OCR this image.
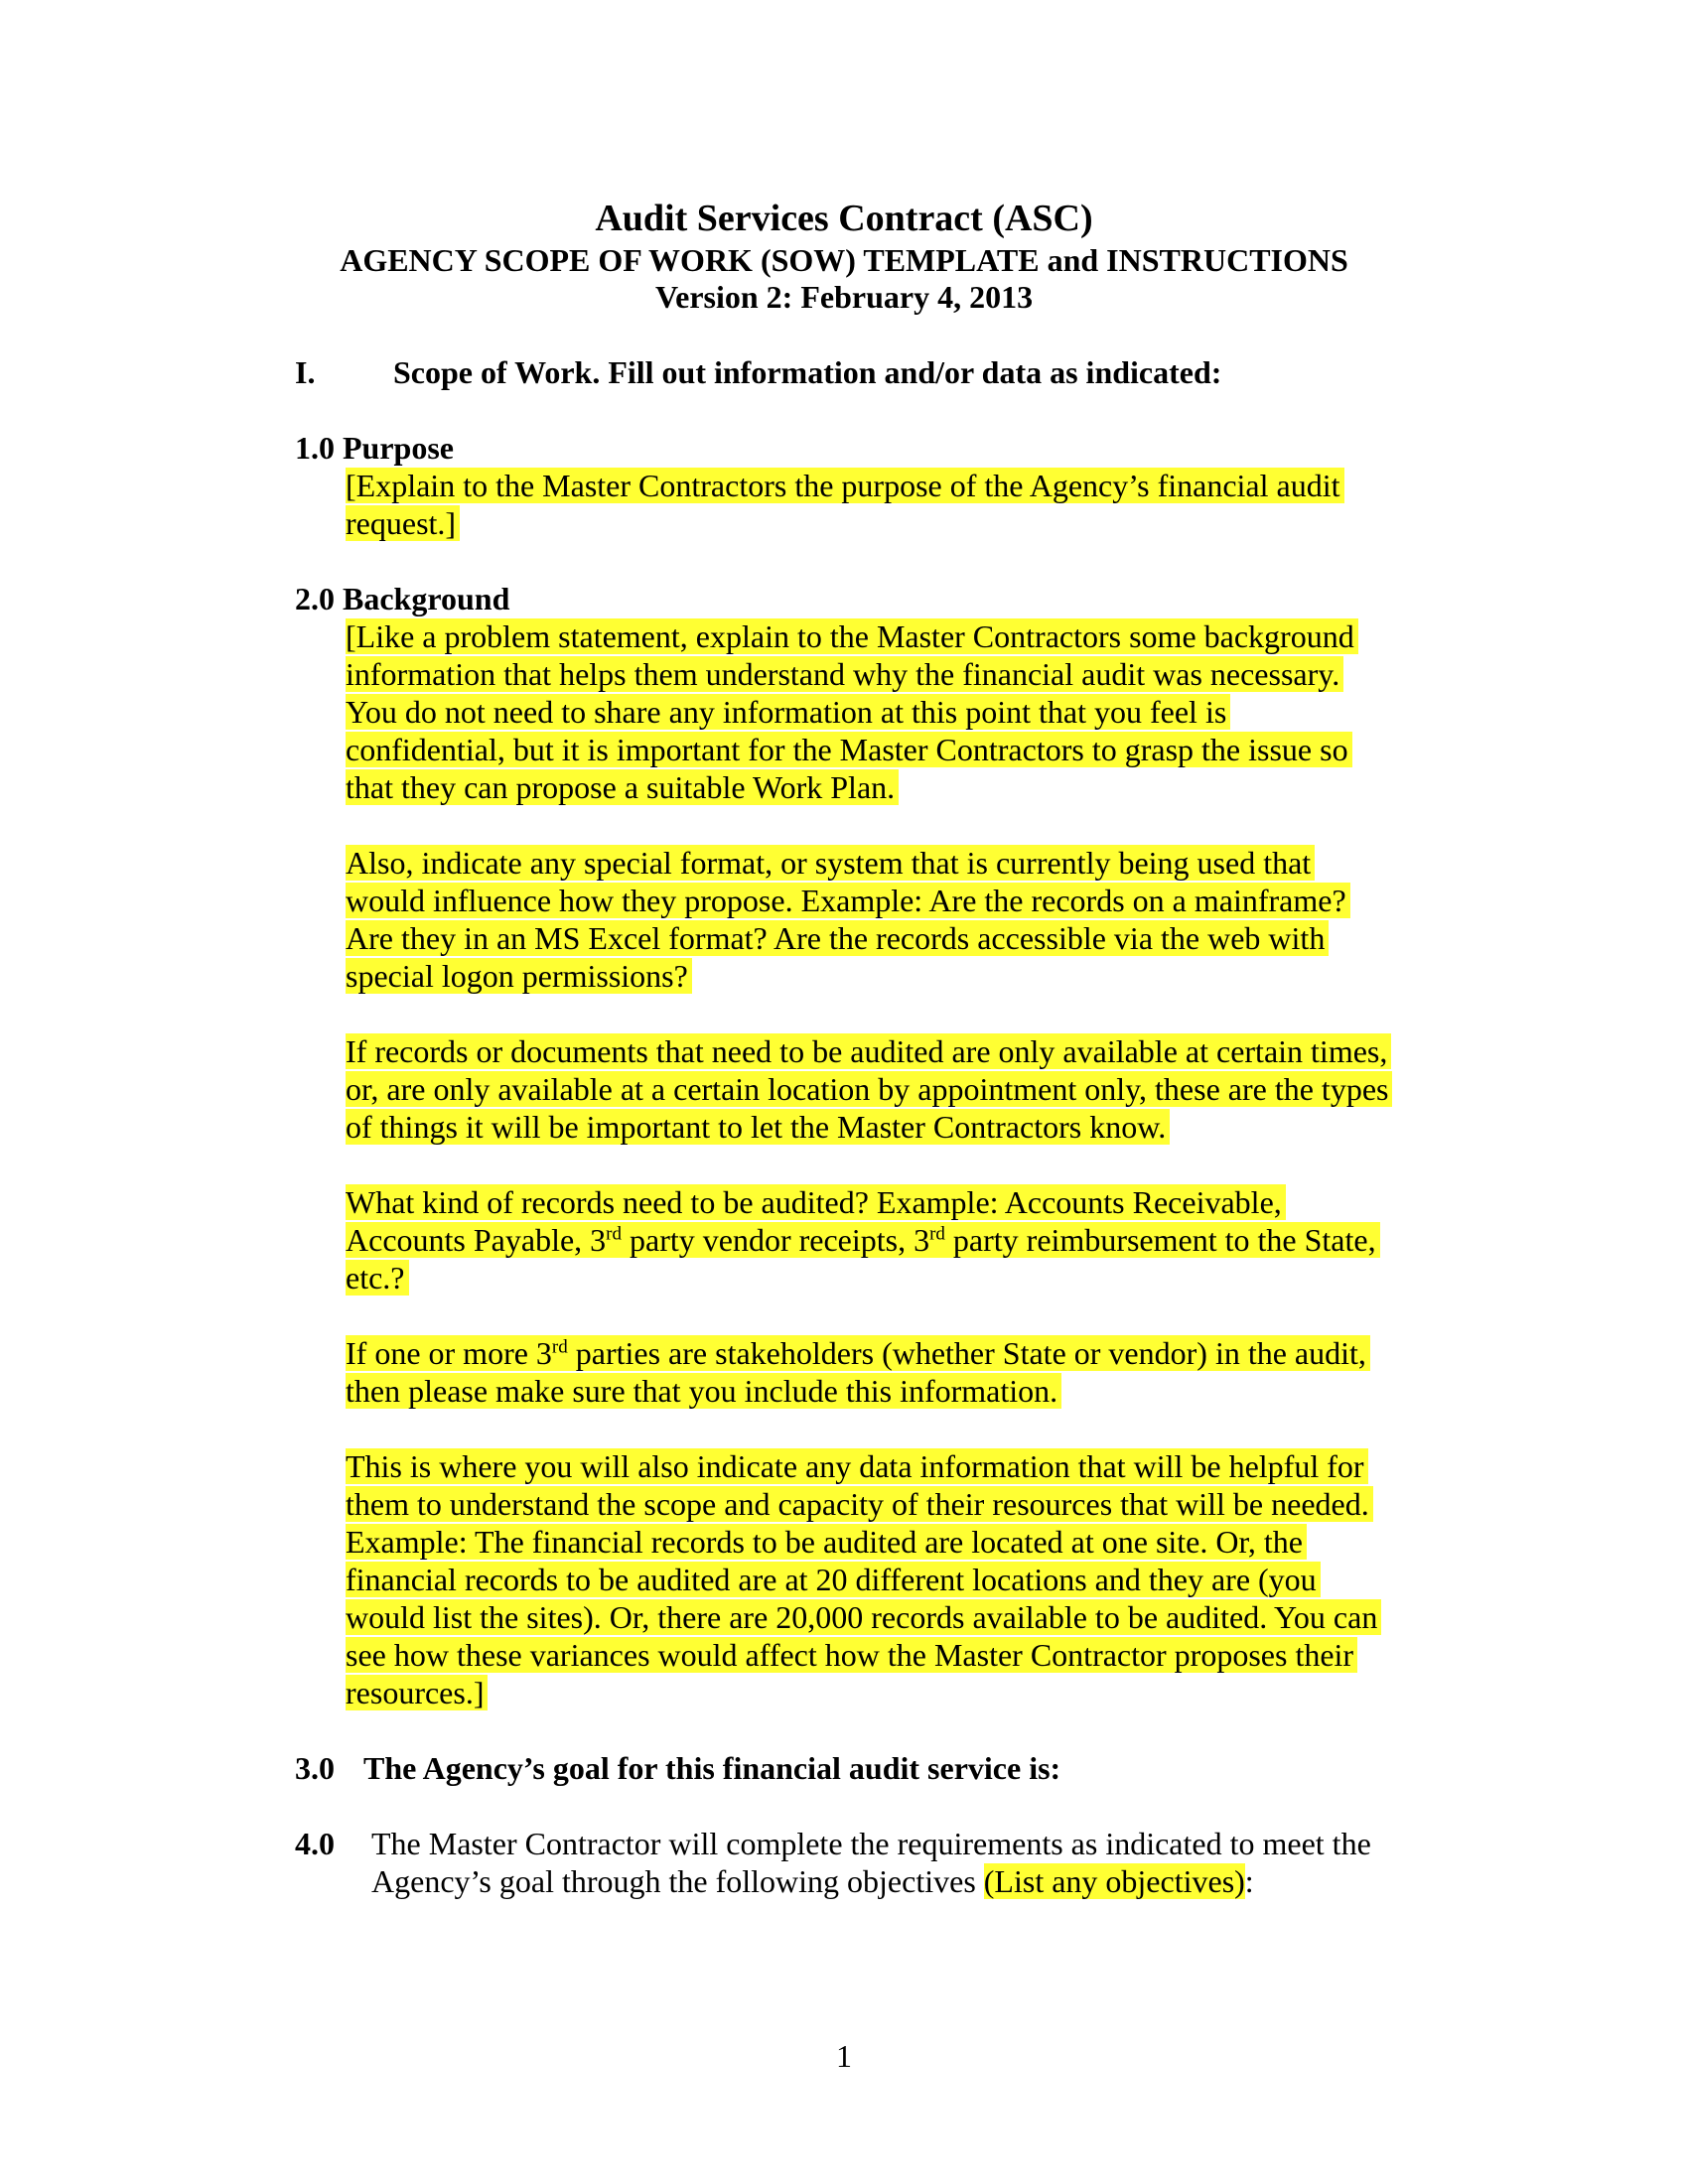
Audit Services Contract (ASC)
AGENCY SCOPE OF WORK (SOW) TEMPLATE and INSTRUCTIONS
Version 2: February 4, 2013
I. Scope of Work. Fill out information and/or data as indicated:
1.0 Purpose
[Explain to the Master Contractors the purpose of the Agency’s financial audit
request.]
2.0 Background
[Like a problem statement, explain to the Master Contractors some background
information that helps them understand why the financial audit was necessary.
You do not need to share any information at this point that you feel is
confidential, but it is important for the Master Contractors to grasp the issue so
that they can propose a suitable Work Plan.
Also, indicate any special format, or system that is currently being used that
would influence how they propose. Example: Are the records on a mainframe?
Are they in an MS Excel format? Are the records accessible via the web with
special logon permissions?
If records or documents that need to be audited are only available at certain times,
or, are only available at a certain location by appointment only, these are the types
of things it will be important to let the Master Contractors know.
What kind of records need to be audited? Example: Accounts Receivable,
Accounts Payable, 3rd party vendor receipts, 3rd party reimbursement to the State,
etc.?
If one or more 3rd parties are stakeholders (whether State or vendor) in the audit,
then please make sure that you include this information.
This is where you will also indicate any data information that will be helpful for
them to understand the scope and capacity of their resources that will be needed.
Example: The financial records to be audited are located at one site. Or, the
financial records to be audited are at 20 different locations and they are (you
would list the sites). Or, there are 20,000 records available to be audited. You can
see how these variances would affect how the Master Contractor proposes their
resources.]
3.0 The Agency’s goal for this financial audit service is:
4.0 The Master Contractor will complete the requirements as indicated to meet the
Agency’s goal through the following objectives (List any objectives):
1
